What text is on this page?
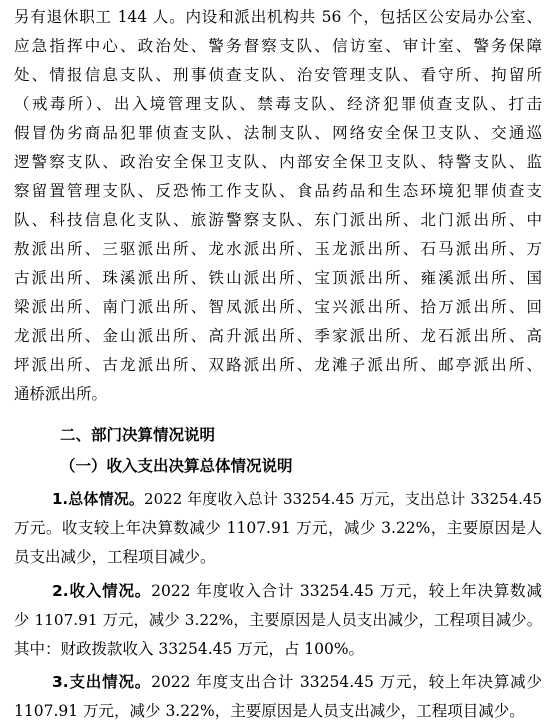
另有退休职工 144 人。内设和派出机构共 56 个，包括区公安局办公室、
应急指挥中心、政治处、警务督察支队、信访室、审计室、警务保障
处、情报信息支队、刑事侦查支队、治安管理支队、看守所、拘留所
（戒毒所）、出入境管理支队、禁毒支队、经济犯罪侦查支队、打击
假冒伪劣商品犯罪侦查支队、法制支队、网络安全保卫支队、交通巡
逻警察支队、政治安全保卫支队、内部安全保卫支队、特警支队、监
察留置管理支队、反恐怖工作支队、食品药品和生态环境犯罪侦查支
队、科技信息化支队、旅游警察支队、东门派出所、北门派出所、中
敖派出所、三驱派出所、龙水派出所、玉龙派出所、石马派出所、万
古派出所、珠溪派出所、铁山派出所、宝顶派出所、雍溪派出所、国
梁派出所、南门派出所、智凤派出所、宝兴派出所、拾万派出所、回
龙派出所、金山派出所、高升派出所、季家派出所、龙石派出所、高
坪派出所、古龙派出所、双路派出所、龙滩子派出所、邮亭派出所、
通桥派出所。
二、部门决算情况说明
（一）收入支出决算总体情况说明
1.总体情况。2022 年度收入总计 33254.45 万元，支出总计 33254.45
万元。收支较上年决算数减少 1107.91 万元，减少 3.22%，主要原因是人
员支出减少，工程项目减少。
2.收入情况。2022 年度收入合计 33254.45 万元，较上年决算数减
少 1107.91 万元，减少 3.22%，主要原因是人员支出减少，工程项目减少。
其中：财政拨款收入 33254.45 万元，占 100%。
3.支出情况。2022 年度支出合计 33254.45 万元，较上年决算减少
1107.91 万元，减少 3.22%，主要原因是人员支出减少，工程项目减少。
